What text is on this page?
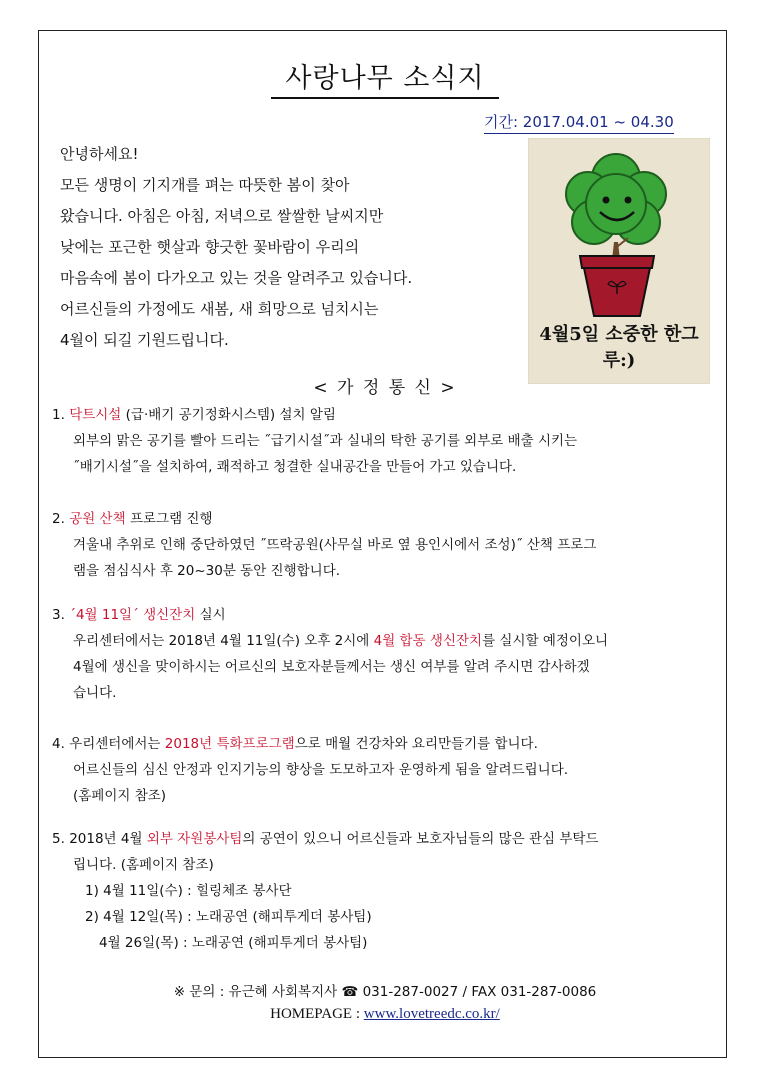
사랑나무 소식지
기간: 2017.04.01 ~ 04.30
안녕하세요!
모든 생명이 기지개를 펴는 따뜻한 봄이 찾아
왔습니다. 아침은 아침, 저녁으로 쌀쌀한 날씨지만
낮에는 포근한 햇살과 향긋한 꽃바람이 우리의
마음속에 봄이 다가오고 있는 것을 알려주고 있습니다.
어르신들의 가정에도 새봄, 새 희망으로 넘치시는
4월이 되길 기원드립니다.	4월5일 소중한 한그루:)
< 가 정 통 신 >
1. 닥트시설 (급·배기 공기정화시스템) 설치 알림
외부의 맑은 공기를 빨아 드리는 ˝급기시설˝과 실내의 탁한 공기를 외부로 배출 시키는
˝배기시설˝을 설치하여, 쾌적하고 청결한 실내공간을 만들어 가고 있습니다.
2. 공원 산책 프로그램 진행
겨울내 추위로 인해 중단하였던 ˝뜨락공원(사무실 바로 옆 용인시에서 조성)˝ 산책 프로그
램을 점심식사 후 20~30분 동안 진행합니다.
3. ´4월 11일´ 생신잔치 실시
우리센터에서는 2018년 4월 11일(수) 오후 2시에 4월 합동 생신잔치를 실시할 예정이오니
4월에 생신을 맞이하시는 어르신의 보호자분들께서는 생신 여부를 알려 주시면 감사하겠
습니다.
4. 우리센터에서는 2018년 특화프로그램으로 매월 건강차와 요리만들기를 합니다.
어르신들의 심신 안정과 인지기능의 향상을 도모하고자 운영하게 됨을 알려드립니다.
(홈페이지 참조)
5. 2018년 4월 외부 자원봉사팀의 공연이 있으니 어르신들과 보호자님들의 많은 관심 부탁드
립니다. (홈페이지 참조)
1) 4월 11일(수) : 힐링체조 봉사단
2) 4월 12일(목) : 노래공연 (해피투게더 봉사팀)
4월 26일(목) : 노래공연 (해피투게더 봉사팀)
※ 문의 : 유근혜 사회복지사 ☎ 031-287-0027 / FAX 031-287-0086
HOMEPAGE : www.lovetreedc.co.kr/
